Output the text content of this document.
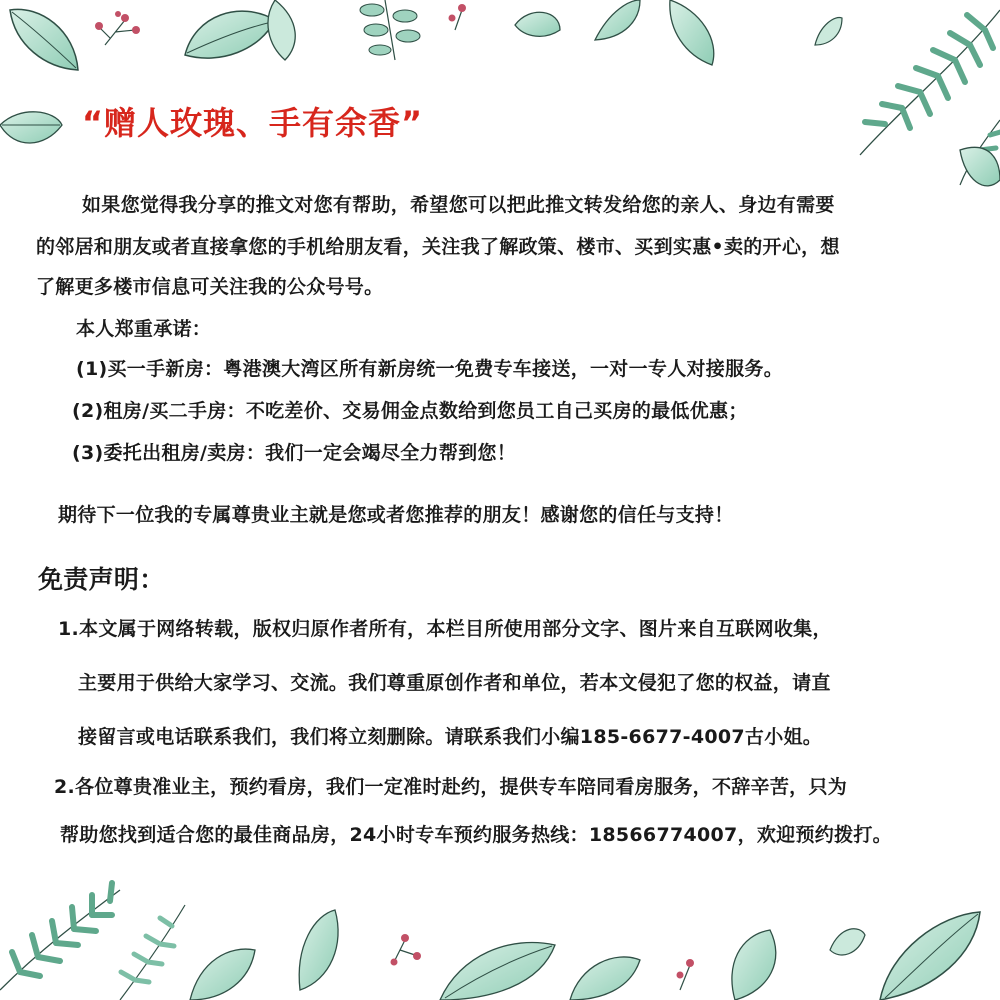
“赠人玫瑰、手有余香”

如果您觉得我分享的推文对您有帮助，希望您可以把此推文转发给您的亲人、身边有需要

的邻居和朋友或者直接拿您的手机给朋友看，关注我了解政策、楼市、买到实惠•卖的开心，想

了解更多楼市信息可关注我的公众号号。

本人郑重承诺：

(1)买一手新房：粤港澳大湾区所有新房统一免费专车接送，一对一专人对接服务。

(2)租房/买二手房：不吃差价、交易佣金点数给到您员工自己买房的最低优惠；

(3)委托出租房/卖房：我们一定会竭尽全力帮到您！

期待下一位我的专属尊贵业主就是您或者您推荐的朋友！感谢您的信任与支持！

免责声明：

1.本文属于网络转载，版权归原作者所有，本栏目所使用部分文字、图片来自互联网收集，

主要用于供给大家学习、交流。我们尊重原创作者和单位，若本文侵犯了您的权益，请直

接留言或电话联系我们，我们将立刻删除。请联系我们小编185-6677-4007古小姐。

2.各位尊贵准业主，预约看房，我们一定准时赴约，提供专车陪同看房服务，不辞辛苦，只为

帮助您找到适合您的最佳商品房，24小时专车预约服务热线：18566774007，欢迎预约拨打。
